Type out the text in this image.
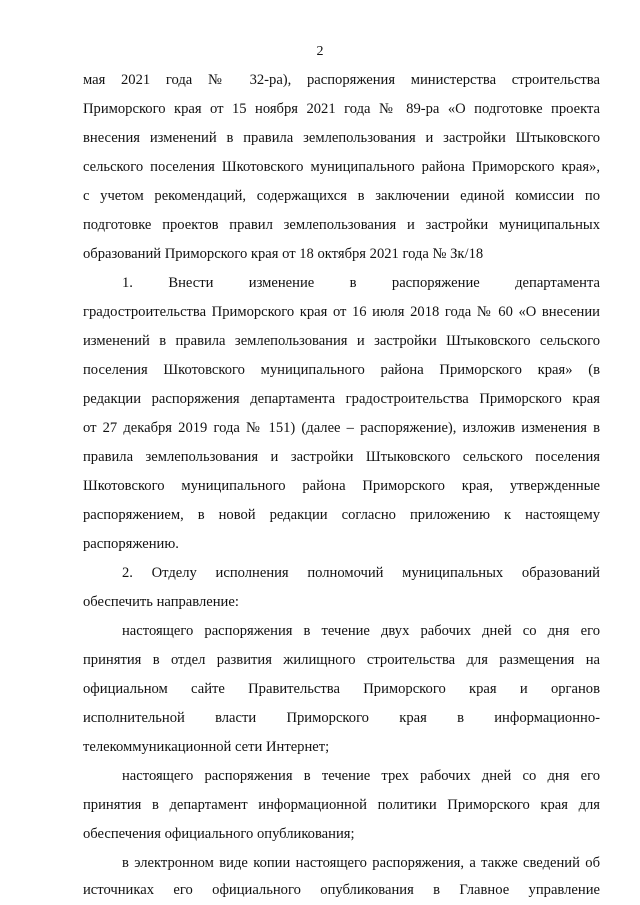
2
мая 2021 года № 32-ра), распоряжения министерства строительства
Приморского края от 15 ноября 2021 года № 89-ра «О подготовке проекта
внесения изменений в правила землепользования и застройки Штыковского
сельского поселения Шкотовского муниципального района Приморского края»,
с учетом рекомендаций, содержащихся в заключении единой комиссии по
подготовке проектов правил землепользования и застройки муниципальных
образований Приморского края от 18 октября 2021 года № Зк/18
1. Внести изменение в распоряжение департамента
градостроительства Приморского края от 16 июля 2018 года № 60 «О внесении
изменений в правила землепользования и застройки Штыковского сельского
поселения Шкотовского муниципального района Приморского края» (в
редакции распоряжения департамента градостроительства Приморского края
от 27 декабря 2019 года № 151) (далее – распоряжение), изложив изменения в
правила землепользования и застройки Штыковского сельского поселения
Шкотовского муниципального района Приморского края, утвержденные
распоряжением, в новой редакции согласно приложению к настоящему
распоряжению.
2. Отделу исполнения полномочий муниципальных образований
обеспечить направление:
настоящего распоряжения в течение двух рабочих дней со дня его
принятия в отдел развития жилищного строительства для размещения на
официальном сайте Правительства Приморского края и органов
исполнительной власти Приморского края в информационно-
телекоммуникационной сети Интернет;
настоящего распоряжения в течение трех рабочих дней со дня его
принятия в департамент информационной политики Приморского края для
обеспечения официального опубликования;
в электронном виде копии настоящего распоряжения, а также сведений об
источниках его официального опубликования в Главное управление
